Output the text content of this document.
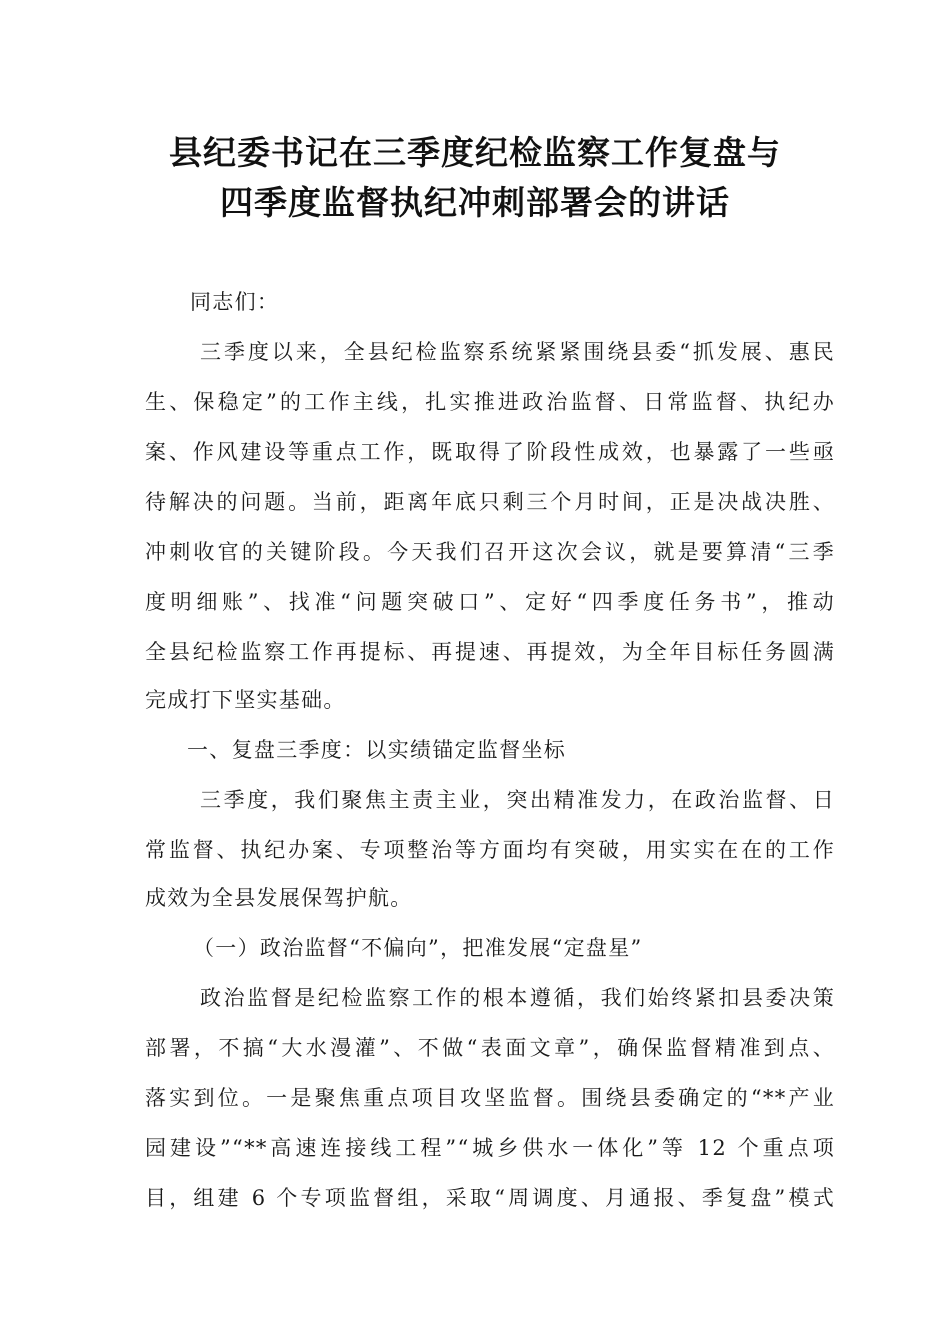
县纪委书记在三季度纪检监察工作复盘与
四季度监督执纪冲刺部署会的讲话
同志们：
三季度以来，全县纪检监察系统紧紧围绕县委“抓发展、惠民
生、保稳定”的工作主线，扎实推进政治监督、日常监督、执纪办
案、作风建设等重点工作，既取得了阶段性成效，也暴露了一些亟
待解决的问题。当前，距离年底只剩三个月时间，正是决战决胜、
冲刺收官的关键阶段。今天我们召开这次会议，就是要算清“三季
度明细账”、找准“问题突破口”、定好“四季度任务书”，推动
全县纪检监察工作再提标、再提速、再提效，为全年目标任务圆满
完成打下坚实基础。
一、复盘三季度：以实绩锚定监督坐标
三季度，我们聚焦主责主业，突出精准发力，在政治监督、日
常监督、执纪办案、专项整治等方面均有突破，用实实在在的工作
成效为全县发展保驾护航。
（一）政治监督“不偏向”，把准发展“定盘星”
政治监督是纪检监察工作的根本遵循，我们始终紧扣县委决策
部署，不搞“大水漫灌”、不做“表面文章”，确保监督精准到点、
落实到位。一是聚焦重点项目攻坚监督。围绕县委确定的“**产业
园建设”“**高速连接线工程”“城乡供水一体化”等 12 个重点项
目，组建 6 个专项监督组，采取“周调度、月通报、季复盘”模式
